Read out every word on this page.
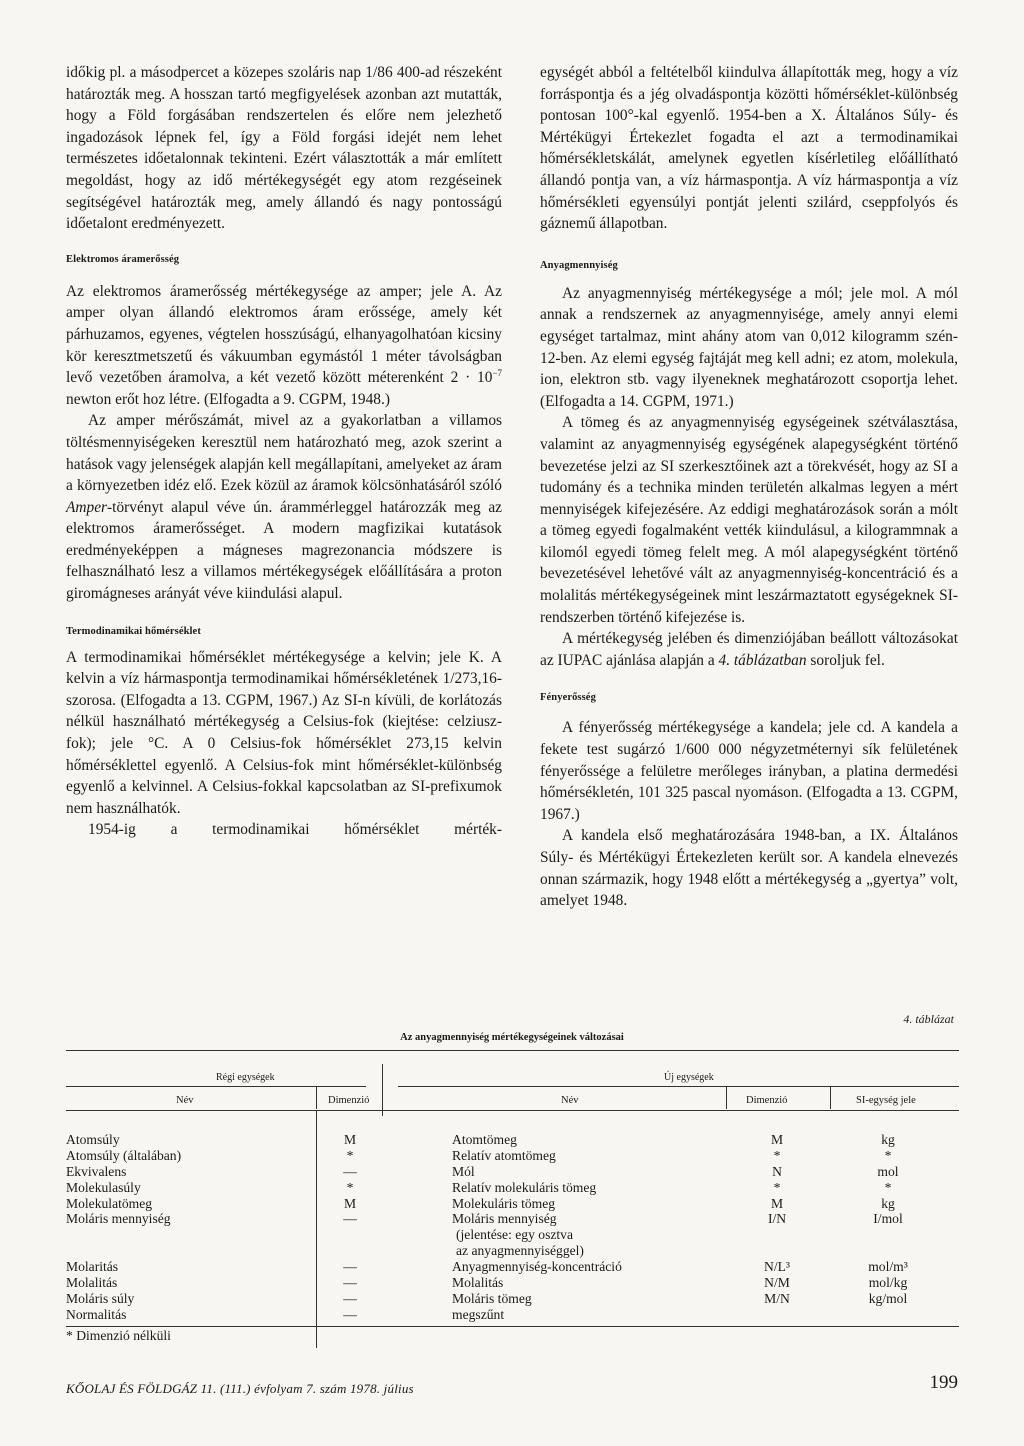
időkig pl. a másodpercet a közepes szoláris nap 1/86 400-ad részeként határozták meg. A hosszan tartó megfigyelések azonban azt mutatták, hogy a Föld forgásában rendszertelen és előre nem jelezhető ingadozások lépnek fel, így a Föld forgási idejét nem lehet természetes időetalonnak tekinteni. Ezért választották a már említett megoldást, hogy az idő mértékegységét egy atom rezgéseinek segítségével határozták meg, amely állandó és nagy pontosságú időetalont eredményezett.

Elektromos áramerősség

Az elektromos áramerősség mértékegysége az amper; jele A. Az amper olyan állandó elektromos áram erőssége, amely két párhuzamos, egyenes, végtelen hosszúságú, elhanyagolhatóan kicsiny kör keresztmetszetű és vákuumban egymástól 1 méter távolságban levő vezetőben áramolva, a két vezető között méterenként $2 \cdot 10^{-7}$ newton erőt hoz létre. (Elfogadta a 9. CGPM, 1948.)

Az amper mérőszámát, mivel az a gyakorlatban a villamos töltésmennyiségeken keresztül nem határozható meg, azok szerint a hatások vagy jelenségek alapján kell megállapítani, amelyeket az áram a környezetben idéz elő. Ezek közül az áramok kölcsönhatásáról szóló Amper-törvényt alapul véve ún. árammérleggel határozzák meg az elektromos áramerősséget. A modern magfizikai kutatások eredményeképpen a mágneses magrezonancia módszere is felhasználható lesz a villamos mértékegységek előállítására a proton giromágneses arányát véve kiindulási alapul.

Termodinamikai hőmérséklet

A termodinamikai hőmérséklet mértékegysége a kelvin; jele K. A kelvin a víz hármaspontja termodinamikai hőmérsékletének 1/273,16-szorosa. (Elfogadta a 13. CGPM, 1967.) Az SI-n kívüli, de korlátozás nélkül használható mértékegység a Celsius-fok (kiejtése: celziusz-fok); jele °C. A 0 Celsius-fok hőmérséklet 273,15 kelvin hőmérséklettel egyenlő. A Celsius-fok mint hőmérséklet-különbség egyenlő a kelvinnel. A Celsius-fokkal kapcsolatban az SI-prefixumok nem használhatók.

1954-ig a termodinamikai hőmérséklet mérték-

egységét abból a feltételből kiindulva állapították meg, hogy a víz forráspontja és a jég olvadáspontja közötti hőmérséklet-különbség pontosan 100°-kal egyenlő. 1954-ben a X. Általános Súly- és Mértékügyi Értekezlet fogadta el azt a termodinamikai hőmérsékletskálát, amelynek egyetlen kísérletileg előállítható állandó pontja van, a víz hármaspontja. A víz hármaspontja a víz hőmérsékleti egyensúlyi pontját jelenti szilárd, cseppfolyós és gáznemű állapotban.

Anyagmennyiség

Az anyagmennyiség mértékegysége a mól; jele mol. A mól annak a rendszernek az anyagmennyisége, amely annyi elemi egységet tartalmaz, mint ahány atom van 0,012 kilogramm szén-12-ben. Az elemi egység fajtáját meg kell adni; ez atom, molekula, ion, elektron stb. vagy ilyeneknek meghatározott csoportja lehet. (Elfogadta a 14. CGPM, 1971.)

A tömeg és az anyagmennyiség egységeinek szétválasztása, valamint az anyagmennyiség egységének alapegységként történő bevezetése jelzi az SI szerkesztőinek azt a törekvését, hogy az SI a tudomány és a technika minden területén alkalmas legyen a mért mennyiségek kifejezésére. Az eddigi meghatározások során a mólt a tömeg egyedi fogalmaként vették kiindulásul, a kilogrammnak a kilomól egyedi tömeg felelt meg. A mól alapegységként történő bevezetésével lehetővé vált az anyagmennyiség-koncentráció és a molalitás mértékegységeinek mint leszármaztatott egységeknek SI-rendszerben történő kifejezése is.

A mértékegység jelében és dimenziójában beállott változásokat az IUPAC ajánlása alapján a 4. táblázatban soroljuk fel.

Fényerősség

A fényerősség mértékegysége a kandela; jele cd. A kandela a fekete test sugárzó 1/600 000 négyzetméternyi sík felületének fényerőssége a felületre merőleges irányban, a platina dermedési hőmérsékletén, 101 325 pascal nyomáson. (Elfogadta a 13. CGPM, 1967.)

A kandela első meghatározására 1948-ban, a IX. Általános Súly- és Mértékügyi Értekezleten került sor. A kandela elnevezés onnan származik, hogy 1948 előtt a mértékegység a „gyertya” volt, amelyet 1948.

4. táblázat
Az anyagmennyiség mértékegységeinek változásai
Régi egységek	Új egységek
Név	Dimenzió	Név	Dimenzió	SI-egység jele
Atomsúly	M	Atomtömeg	M	kg
Atomsúly (általában)	*	Relatív atomtömeg	*	*
Ekvivalens	—	Mól	N	mol
Molekulasúly	*	Relatív molekuláris tömeg	*	*
Molekulatömeg	M	Molekuláris tömeg	M	kg
Moláris mennyiség	—	Moláris mennyiség	I/N	I/mol
(jelentése: egy osztva
az anyagmennyiséggel)
Molaritás	—	Anyagmennyiség-koncentráció	N/L³	mol/m³
Molalitás	—	Molalitás	N/M	mol/kg
Moláris súly	—	Moláris tömeg	M/N	kg/mol
Normalitás	—	megszűnt
* Dimenzió nélküli
KŐOLAJ ÉS FÖLDGÁZ 11. (111.) évfolyam 7. szám 1978. július	199
